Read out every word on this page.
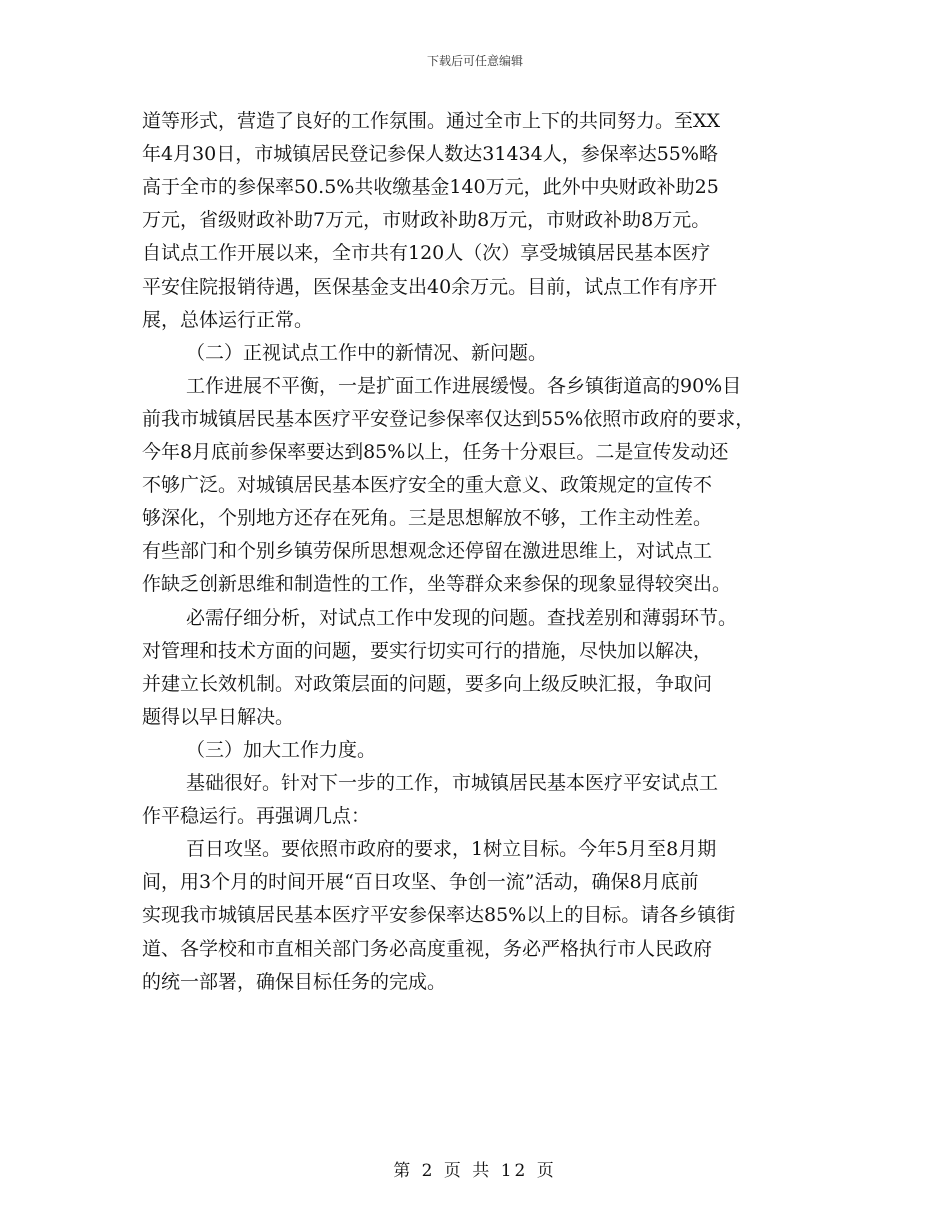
下载后可任意编辑
道等形式，营造了良好的工作氛围。通过全市上下的共同努力。至XX
年4月30日，市城镇居民登记参保人数达31434人，参保率达55%略
高于全市的参保率50.5%共收缴基金140万元，此外中央财政补助25
万元，省级财政补助7万元，市财政补助8万元，市财政补助8万元。
自试点工作开展以来，全市共有120人（次）享受城镇居民基本医疗
平安住院报销待遇，医保基金支出40余万元。目前，试点工作有序开
展，总体运行正常。
（二）正视试点工作中的新情况、新问题。
工作进展不平衡，一是扩面工作进展缓慢。各乡镇街道高的90%目
前我市城镇居民基本医疗平安登记参保率仅达到55%依照市政府的要求，
今年8月底前参保率要达到85%以上，任务十分艰巨。二是宣传发动还
不够广泛。对城镇居民基本医疗安全的重大意义、政策规定的宣传不
够深化，个别地方还存在死角。三是思想解放不够，工作主动性差。
有些部门和个别乡镇劳保所思想观念还停留在激进思维上，对试点工
作缺乏创新思维和制造性的工作，坐等群众来参保的现象显得较突出。
必需仔细分析，对试点工作中发现的问题。查找差别和薄弱环节。
对管理和技术方面的问题，要实行切实可行的措施，尽快加以解决，
并建立长效机制。对政策层面的问题，要多向上级反映汇报，争取问
题得以早日解决。
（三）加大工作力度。
基础很好。针对下一步的工作，市城镇居民基本医疗平安试点工
作平稳运行。再强调几点：
百日攻坚。要依照市政府的要求，1树立目标。今年5月至8月期
间，用3个月的时间开展“百日攻坚、争创一流”活动，确保8月底前
实现我市城镇居民基本医疗平安参保率达85%以上的目标。请各乡镇街
道、各学校和市直相关部门务必高度重视，务必严格执行市人民政府
的统一部署，确保目标任务的完成。
第 2 页 共 12 页
